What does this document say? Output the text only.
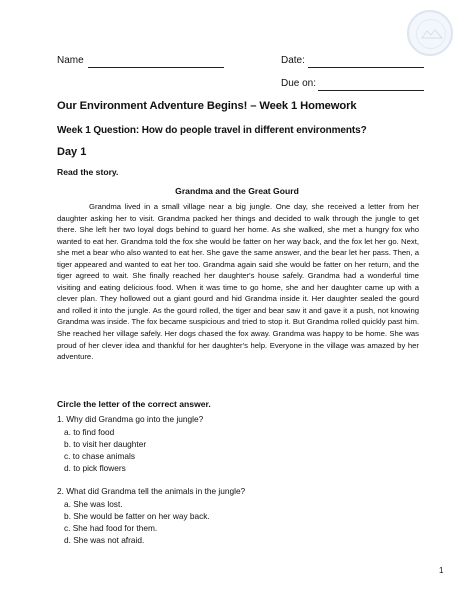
Name	Date:
Due on:
Our Environment Adventure Begins! – Week 1 Homework
Week 1 Question: How do people travel in different environments?
Day 1
Read the story.
Grandma and the Great Gourd
Grandma lived in a small village near a big jungle. One day, she received a letter from her daughter asking her to visit. Grandma packed her things and decided to walk through the jungle to get there. She left her two loyal dogs behind to guard her home. As she walked, she met a hungry fox who wanted to eat her. Grandma told the fox she would be fatter on her way back, and the fox let her go. Next, she met a bear who also wanted to eat her. She gave the same answer, and the bear let her pass. Then, a tiger appeared and wanted to eat her too. Grandma again said she would be fatter on her return, and the tiger agreed to wait. She finally reached her daughter's house safely. Grandma had a wonderful time visiting and eating delicious food. When it was time to go home, she and her daughter came up with a clever plan. They hollowed out a giant gourd and hid Grandma inside it. Her daughter sealed the gourd and rolled it into the jungle. As the gourd rolled, the tiger and bear saw it and gave it a push, not knowing Grandma was inside. The fox became suspicious and tried to stop it. But Grandma rolled quickly past him. She reached her village safely. Her dogs chased the fox away. Grandma was happy to be home. She was proud of her clever idea and thankful for her daughter's help. Everyone in the village was amazed by her adventure.
Circle the letter of the correct answer.
1. Why did Grandma go into the jungle?
a. to find food
b. to visit her daughter
c. to chase animals
d. to pick flowers
2. What did Grandma tell the animals in the jungle?
a. She was lost.
b. She would be fatter on her way back.
c. She had food for them.
d. She was not afraid.
1
